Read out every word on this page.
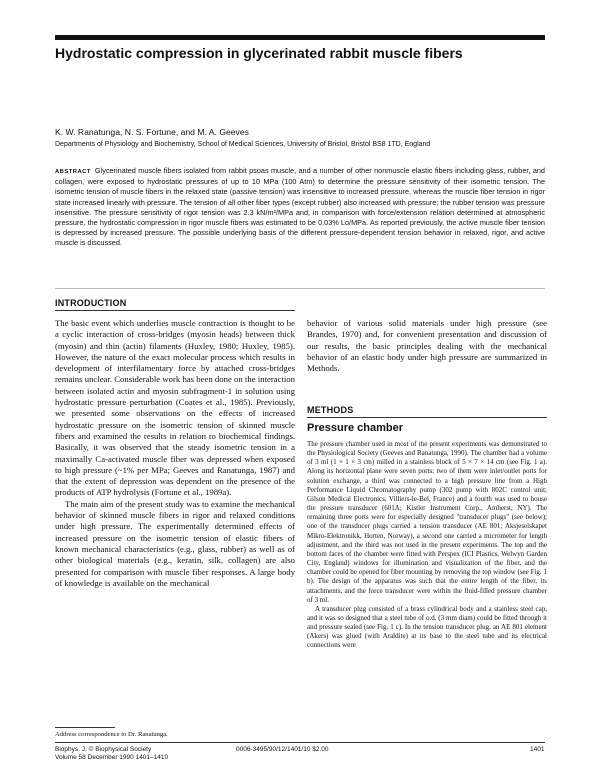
Hydrostatic compression in glycerinated rabbit muscle fibers
K. W. Ranatunga, N. S. Fortune, and M. A. Geeves
Departments of Physiology and Biochemistry, School of Medical Sciences, University of Bristol, Bristol BS8 1TD, England
ABSTRACT Glycerinated muscle fibers isolated from rabbit psoas muscle, and a number of other nonmuscle elastic fibers including glass, rubber, and collagen, were exposed to hydrostatic pressures of up to 10 MPa (100 Atm) to determine the pressure sensitivity of their isometric tension. The isometric tension of muscle fibers in the relaxed state (passive tension) was insensitive to increased pressure, whereas the muscle fiber tension in rigor state increased linearly with pressure. The tension of all other fiber types (except rubber) also increased with pressure; the rubber tension was pressure insensitive. The pressure sensitivity of rigor tension was 2.3 kN/m²/MPa and, in comparison with force/extension relation determined at atmospheric pressure, the hydrostatic compression in rigor muscle fibers was estimated to be 0.03% Lo/MPa. As reported previously, the active muscle fiber tension is depressed by increased pressure. The possible underlying basis of the different pressure-dependent tension behavior in relaxed, rigor, and active muscle is discussed.
INTRODUCTION

The basic event which underlies muscle contraction is thought to be a cyclic interaction of cross-bridges (myosin heads) between thick (myosin) and thin (actin) filaments (Huxley, 1980; Huxley, 1985). However, the nature of the exact molecular process which results in development of interfilamentary force by attached cross-bridges remains unclear. Considerable work has been done on the interaction between isolated actin and myosin subfragment-1 in solution using hydrostatic pressure perturbation (Coates et al., 1985). Previously, we presented some observations on the effects of increased hydrostatic pressure on the isometric tension of skinned muscle fibers and examined the results in relation to biochemical findings. Basically, it was observed that the steady isometric tension in a maximally Ca-activated muscle fiber was depressed when exposed to high pressure (~1% per MPa; Geeves and Ranatunga, 1987) and that the extent of depression was dependent on the presence of the products of ATP hydrolysis (Fortune et al., 1989a).

The main aim of the present study was to examine the mechanical behavior of skinned muscle fibers in rigor and relaxed conditions under high pressure. The experimentally determined effects of increased pressure on the isometric tension of elastic fibers of known mechanical characteristics (e.g., glass, rubber) as well as of other biological materials (e.g., keratin, silk, collagen) are also presented for comparison with muscle fiber responses. A large body of knowledge is available on the mechanical

behavior of various solid materials under high pressure (see Brandes, 1970) and, for convenient presentation and discussion of our results, the basic principles dealing with the mechanical behavior of an elastic body under high pressure are summarized in Methods.
METHODS
Pressure chamber

The pressure chamber used in most of the present experiments was demonstrated to the Physiological Society (Geeves and Ranatunga, 1990). The chamber had a volume of 3 ml (1 × 1 × 3 cm) milled in a stainless block of 5 × 7 × 14 cm (see Fig. 1 a). Along its horizontal plane were seven ports; two of them were inlet/outlet ports for solution exchange, a third was connected to a high pressure line from a High Performance Liquid Chromatography pump (302 pump with 802C control unit; Gilson Medical Electronics, Villiers-le-Bel, France) and a fourth was used to house the pressure transducer (601A; Kistler Instrument Corp., Amherst, NY). The remaining three ports were for especially designed "transducer plugs" (see below); one of the transducer plugs carried a tension transducer (AE 801; Aksjeselskapet Mikro-Elektronikk, Horten, Norway), a second one carried a micrometer for length adjustment, and the third was not used in the present experiments. The top and the bottom faces of the chamber were fitted with Perspex (ICI Plastics, Welwyn Garden City, England) windows for illumination and visualization of the fiber, and the chamber could be opened for fiber mounting by removing the top window (see Fig. 1 b). The design of the apparatus was such that the entire length of the fiber, its attachments, and the force transducer were within the fluid-filled pressure chamber of 3 ml.

A transducer plug consisted of a brass cylindrical body and a stainless steel cap, and it was so designed that a steel tube of o.d. (3 mm diam) could be fitted through it and pressure sealed (see Fig. 1 c). In the tension transducer plug, an AE 801 element (Akers) was glued (with Araldite) at its base to the steel tube and its electrical connections were

Address correspondence to Dr. Ranatunga.
Biophys. J. © Biophysical Society
Volume 58 December 1990 1401–1410
0006-3495/90/12/1401/10 $2.00	1401
